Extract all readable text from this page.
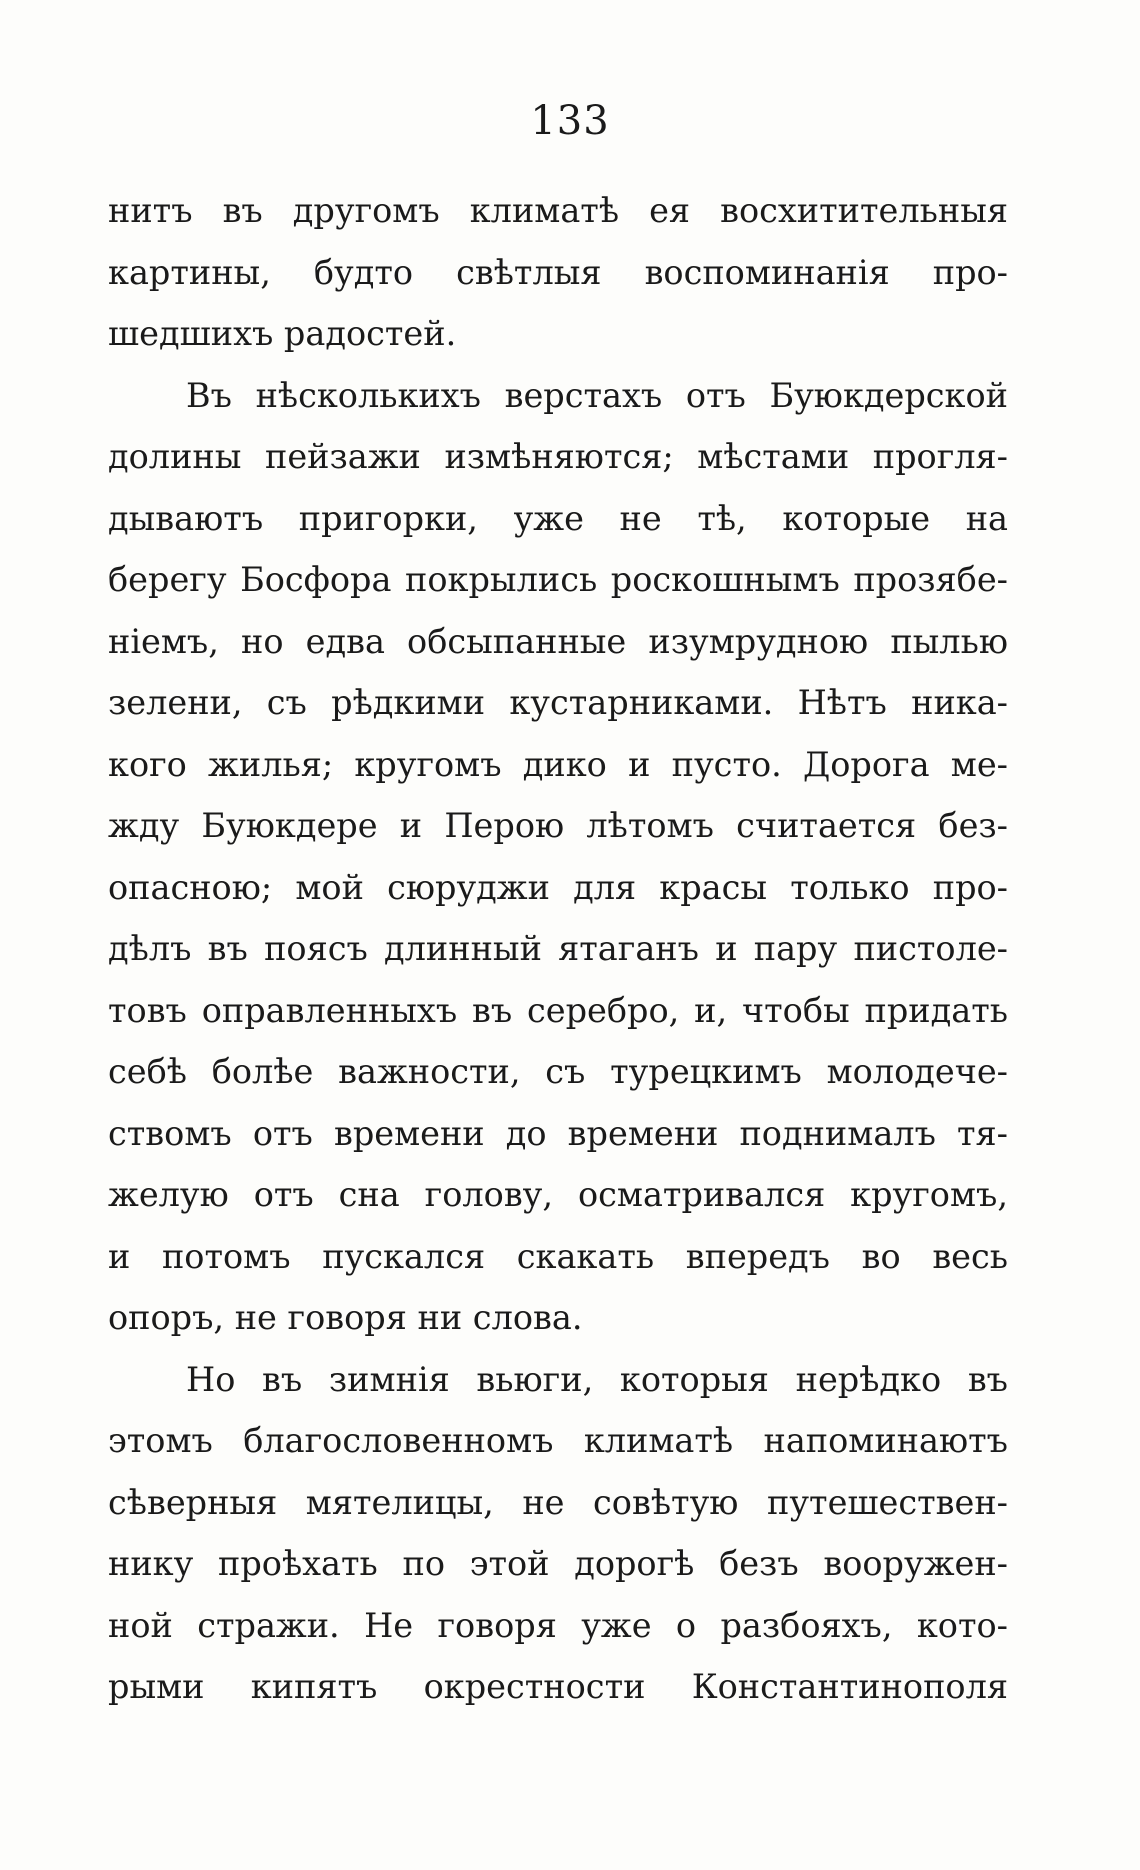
133
нитъ въ другомъ климатѣ ея восхитительныя
картины, будто свѣтлыя воспоминанія про-
шедшихъ радостей.
Въ нѣсколькихъ верстахъ отъ Буюкдерской
долины пейзажи измѣняются; мѣстами прогля-
дываютъ пригорки, уже не тѣ, которые на
берегу Босфора покрылись роскошнымъ прозябе-
ніемъ, но едва обсыпанные изумрудною пылью
зелени, съ рѣдкими кустарниками. Нѣтъ ника-
кого жилья; кругомъ дико и пусто. Дорога ме-
жду Буюкдере и Перою лѣтомъ считается без-
опасною; мой сюруджи для красы только про-
дѣлъ въ поясъ длинный ятаганъ и пару пистоле-
товъ оправленныхъ въ серебро, и, чтобы придать
себѣ болѣе важности, съ турецкимъ молодече-
ствомъ отъ времени до времени поднималъ тя-
желую отъ сна голову, осматривался кругомъ,
и потомъ пускался скакать впередъ во весь
опоръ, не говоря ни слова.
Но въ зимнія вьюги, которыя нерѣдко въ
этомъ благословенномъ климатѣ напоминаютъ
сѣверныя мятелицы, не совѣтую путешествен-
нику проѣхать по этой дорогѣ безъ вооружен-
ной стражи. Не говоря уже о разбояхъ, кото-
рыми кипятъ окрестности Константинополя
